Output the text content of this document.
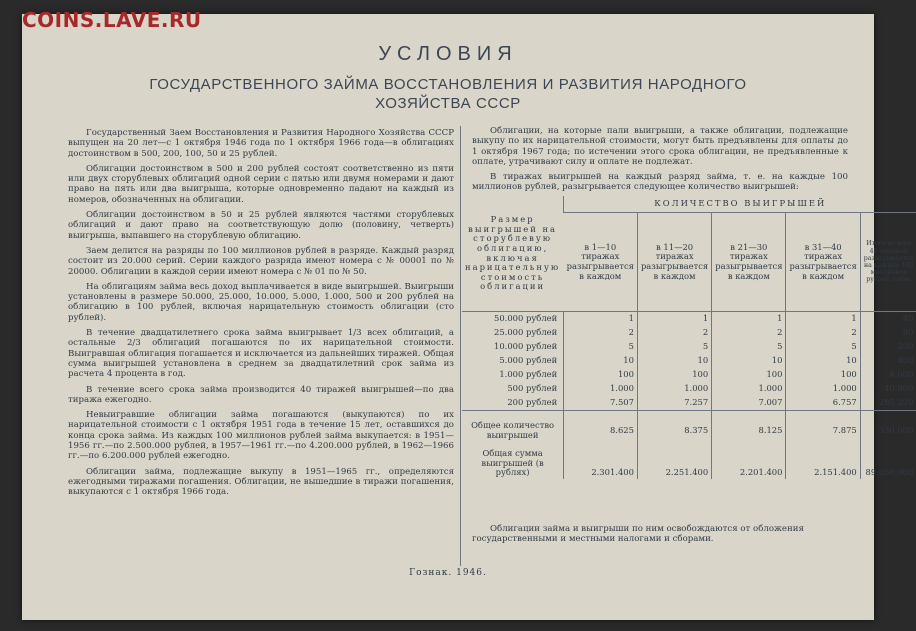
COINS.LAVE.RU
УСЛОВИЯ
ГОСУДАРСТВЕННОГО ЗАЙМА ВОССТАНОВЛЕНИЯ И РАЗВИТИЯ НАРОДНОГО
ХОЗЯЙСТВА СССР

Государственный Заем Восстановления и Развития Народного Хозяйства СССР выпущен на 20 лет—с 1 октября 1946 года по 1 октября 1966 года—в облигациях достоинством в 500, 200, 100, 50 и 25 рублей.

Облигации достоинством в 500 и 200 рублей состоят соответственно из пяти или двух сторублевых облигаций одной серии с пятью или двумя номерами и дают право на пять или два выигрыша, которые одновременно падают на каждый из номеров, обозначенных на облигации.

Облигации достоинством в 50 и 25 рублей являются частями сторублевых облигаций и дают право на соответствующую долю (половину, четверть) выигрыша, выпавшего на сторублевую облигацию.

Заем делится на разряды по 100 миллионов рублей в разряде. Каждый разряд состоит из 20.000 серий. Серии каждого разряда имеют номера с № 00001 по № 20000. Облигации в каждой серии имеют номера с № 01 по № 50.

На облигациям займа весь доход выплачивается в виде выигрышей. Выигрыши установлены в размере 50.000, 25.000, 10.000, 5.000, 1.000, 500 и 200 рублей на облигацию в 100 рублей, включая нарицательную стоимость облигации (сто рублей).

В течение двадцатилетнего срока займа выигрывает 1/3 всех облигаций, а остальные 2/3 облигаций погашаются по их нарицательной стоимости. Выигравшая облигация погашается и исключается из дальнейших тиражей. Общая сумма выигрышей установлена в среднем за двадцатилетний срок займа из расчета 4 процента в год.

В течение всего срока займа производится 40 тиражей выигрышей—по два тиража ежегодно.

Невыигравшие облигации займа погашаются (выкупаются) по их нарицательной стоимости с 1 октября 1951 года в течение 15 лет, оставшихся до конца срока займа. Из каждых 100 миллионов рублей займа выкупается: в 1951—1956 гг.—по 2.500.000 рублей, в 1957—1961 гг.—по 4.200.000 рублей, в 1962—1966 гг.—по 6.200.000 рублей ежегодно.

Облигации займа, подлежащие выкупу в 1951—1965 гг., определяются ежегодными тиражами погашения. Облигации, не вышедшие в тиражи погашения, выкупаются с 1 октября 1966 года.

Облигации, на которые пали выигрыши, а также облигации, подлежащие выкупу по их нарицательной стоимости, могут быть предъявлены для оплаты до 1 октября 1967 года; по истечении этого срока облигации, не предъявленные к оплате, утрачивают силу и оплате не подлежат.

В тиражах выигрышей на каждый разряд займа, т. е. на каждые 100 миллионов рублей, разыгрывается следующее количество выигрышей:

Размер выигрышей на сторублевую облигацию, включая нарицательную стоимость облигации	КОЛИЧЕСТВО ВЫИГРЫШЕЙ				
	в 1—10 тиражах разыгрывается в каждом	в 11—20 тиражах разыгрывается в каждом	в 21—30 тиражах разыгрывается в каждом	в 31—40 тиражах разыгрывается в каждом	Итого во всех 40 тиражах разыгрывается на каждые 100 миллионов рублей займа
50.000 рублей	1	1	1	1	40
25.000 рублей	2	2	2	2	80
10.000 рублей	5	5	5	5	200
5.000 рублей	10	10	10	10	400
1.000 рублей	100	100	100	100	4.000
500 рублей	1.000	1.000	1.000	1.000	40.000
200 рублей	7.507	7.257	7.007	6.757	285.220
Общее количество выигрышей	8.625	8.375	8.125	7.875	330.000
Общая сумма выигрышей (в рублях)	2.301.400	2.251.400	2.201.400	2.151.400	89.056.000
Облигации займа и выигрыши по ним освобождаются от обложения государственными и местными налогами и сборами.
Гознак. 1946.
